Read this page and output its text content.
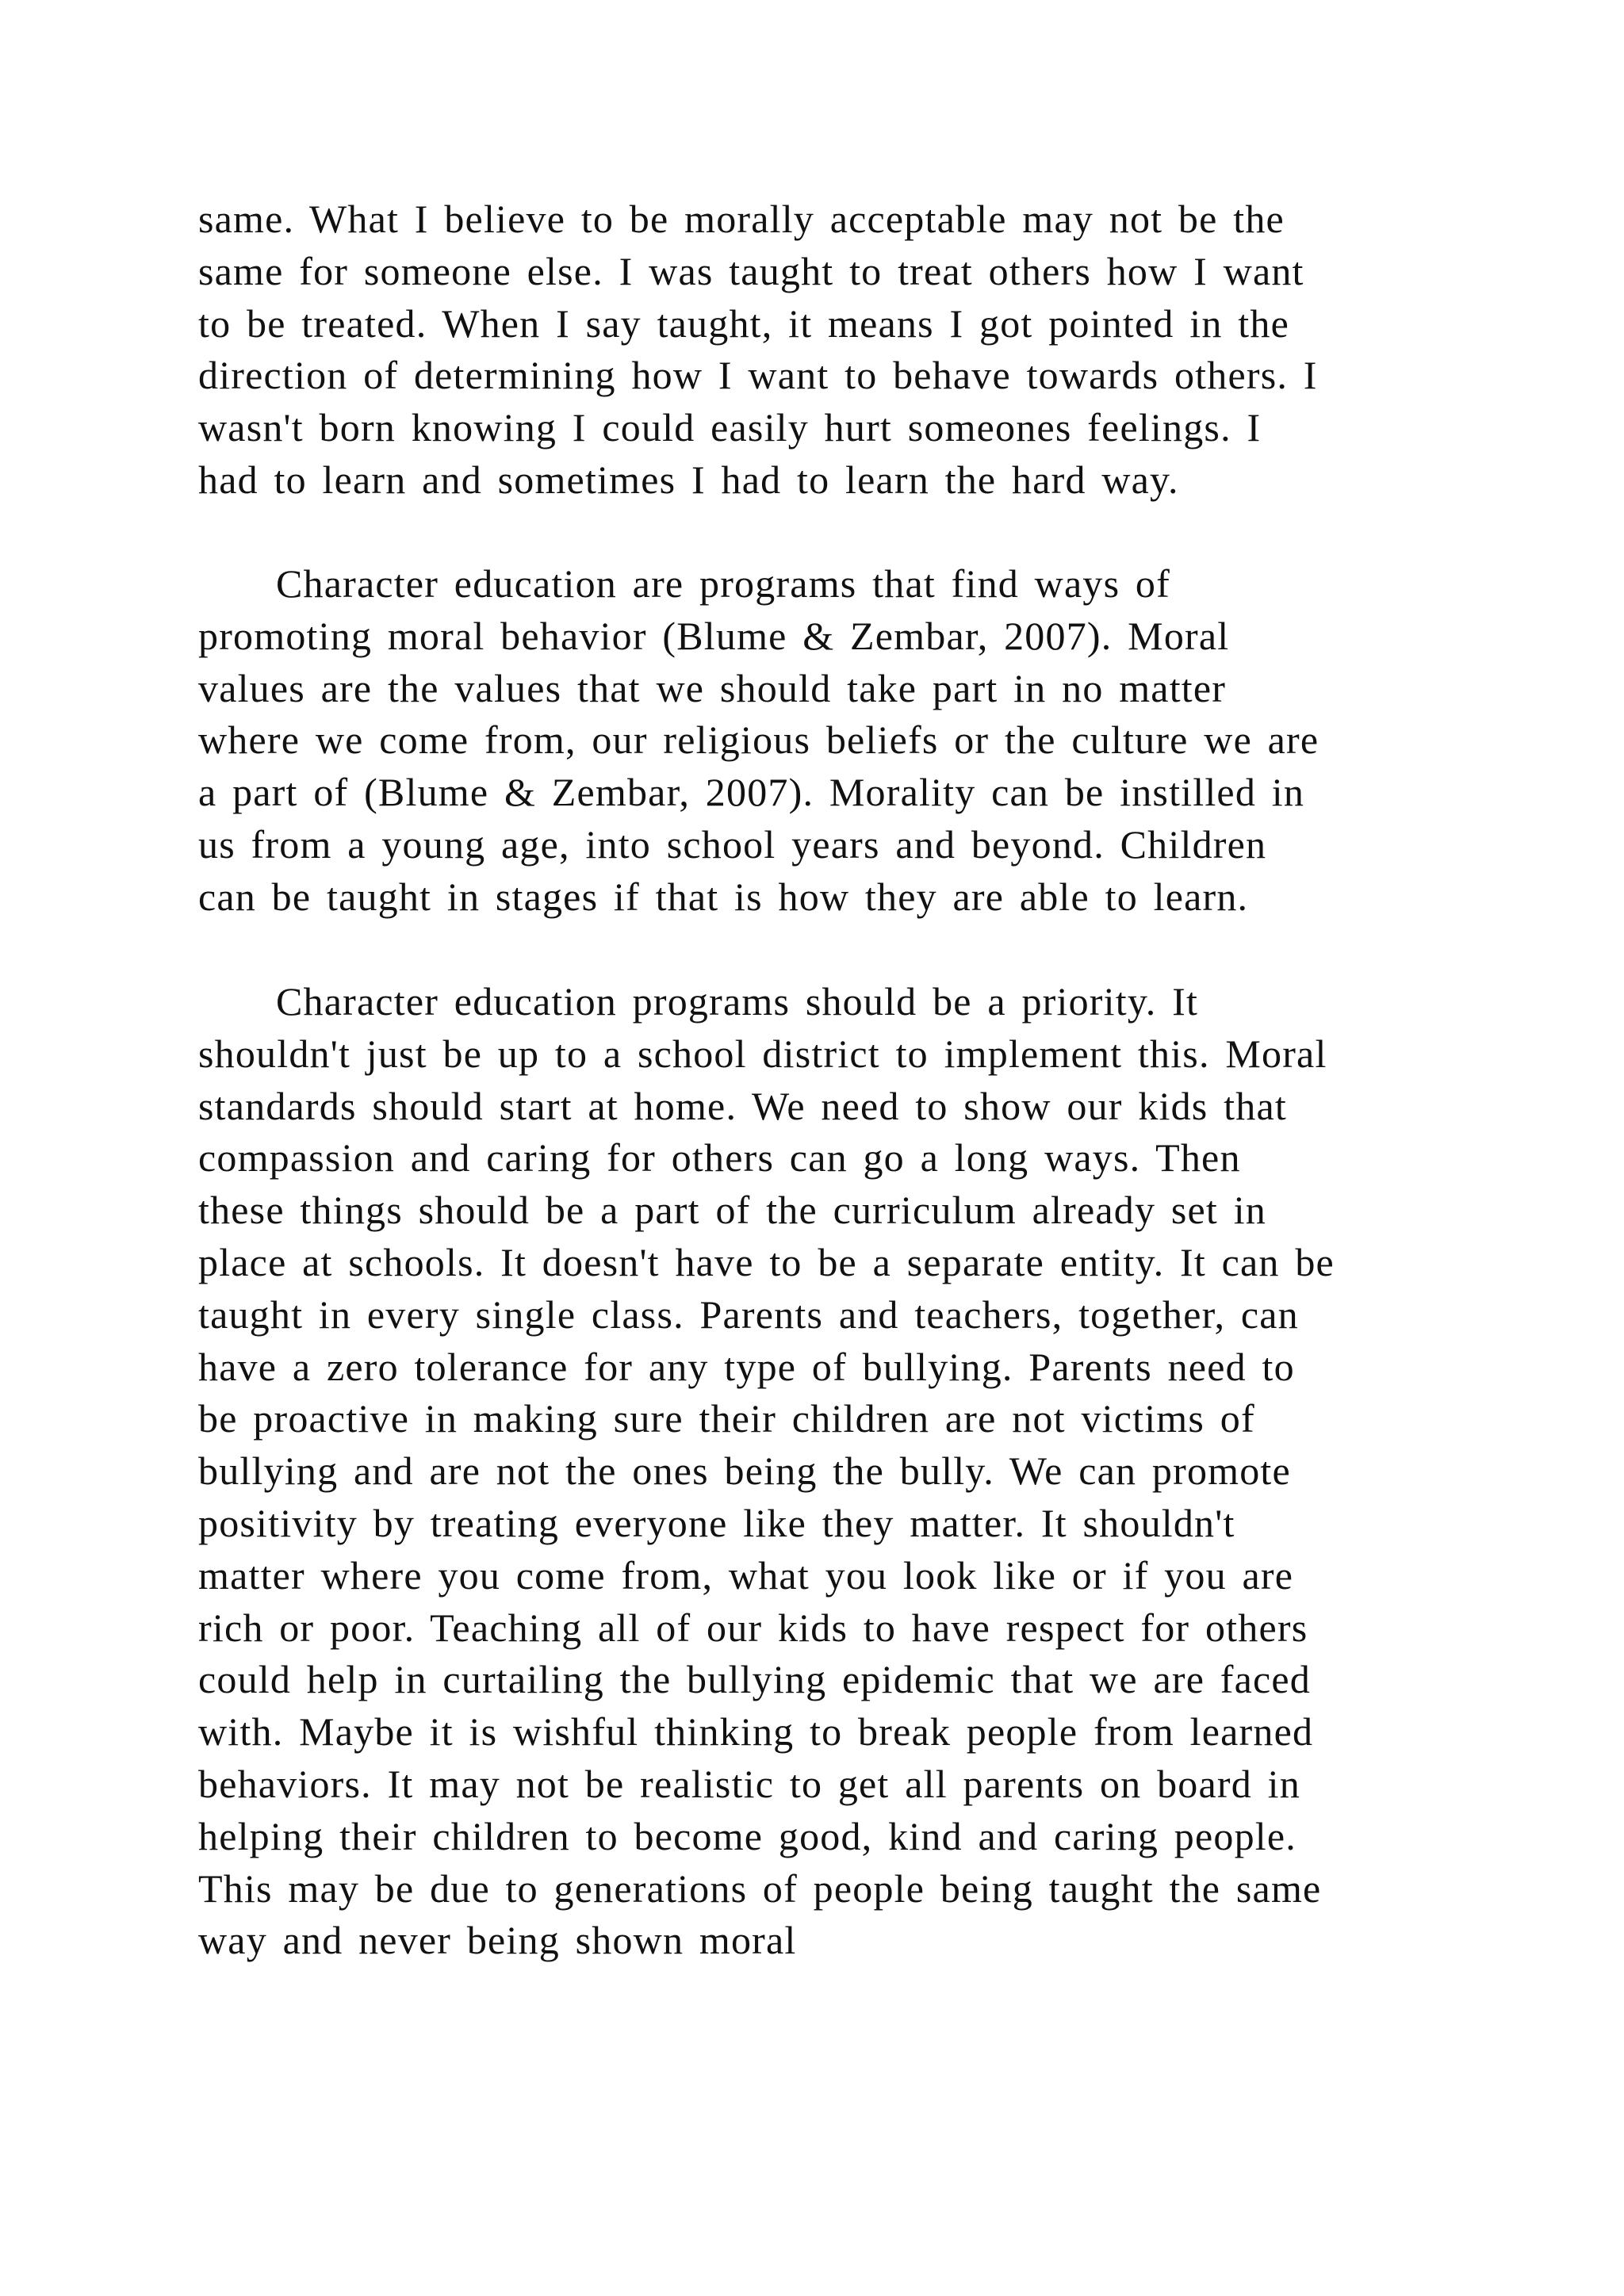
same. What I believe to be morally acceptable may not be the
same for someone else. I was taught to treat others how I want
to be treated. When I say taught, it means I got pointed in the
direction of determining how I want to behave towards others. I
wasn't born knowing I could easily hurt someones feelings. I
had to learn and sometimes I had to learn the hard way.
Character education are programs that find ways of
promoting moral behavior (Blume & Zembar, 2007). Moral
values are the values that we should take part in no matter
where we come from, our religious beliefs or the culture we are
a part of (Blume & Zembar, 2007). Morality can be instilled in
us from a young age, into school years and beyond. Children
can be taught in stages if that is how they are able to learn.
Character education programs should be a priority. It
shouldn't just be up to a school district to implement this. Moral
standards should start at home. We need to show our kids that
compassion and caring for others can go a long ways. Then
these things should be a part of the curriculum already set in
place at schools. It doesn't have to be a separate entity. It can be
taught in every single class. Parents and teachers, together, can
have a zero tolerance for any type of bullying. Parents need to
be proactive in making sure their children are not victims of
bullying and are not the ones being the bully. We can promote
positivity by treating everyone like they matter. It shouldn't
matter where you come from, what you look like or if you are
rich or poor. Teaching all of our kids to have respect for others
could help in curtailing the bullying epidemic that we are faced
with. Maybe it is wishful thinking to break people from learned
behaviors. It may not be realistic to get all parents on board in
helping their children to become good, kind and caring people.
This may be due to generations of people being taught the same
way and never being shown moral
